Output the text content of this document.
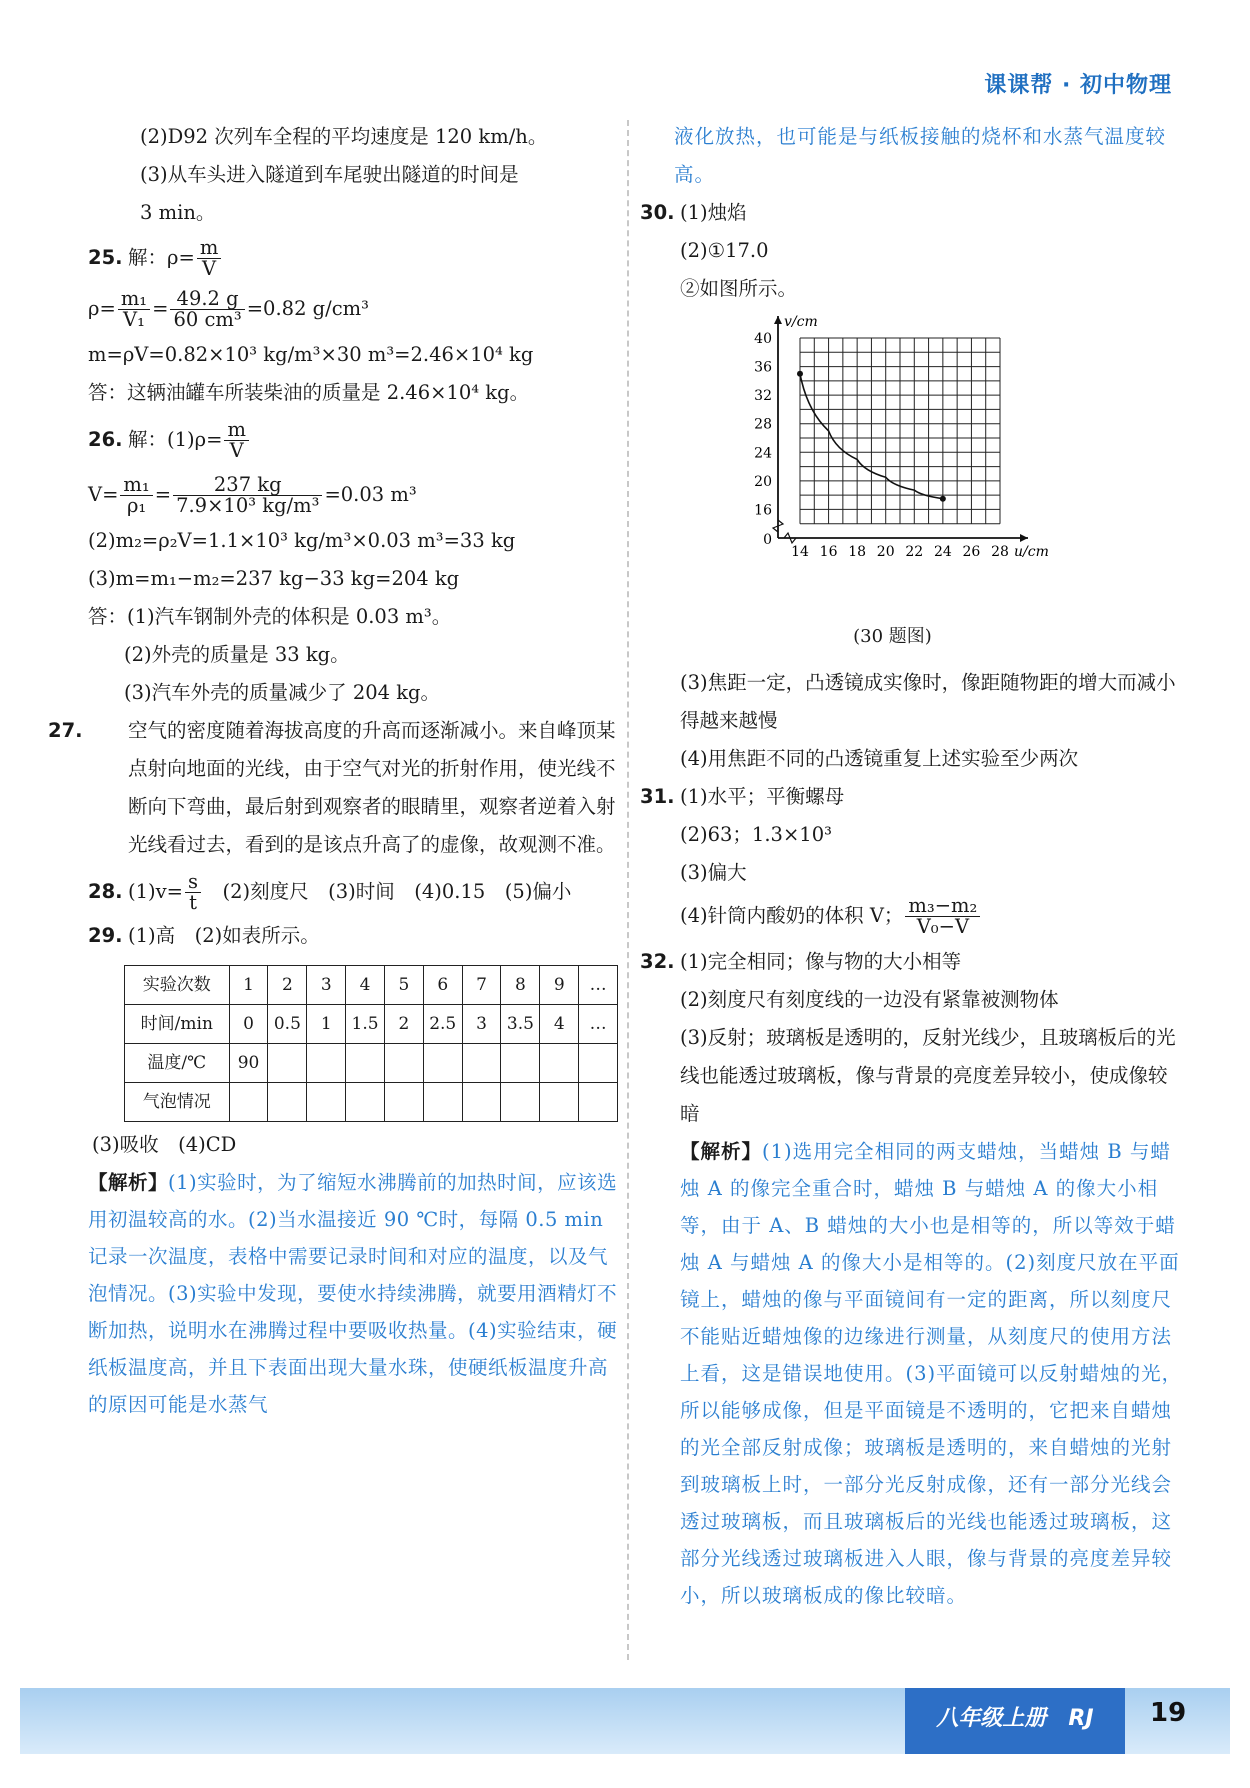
课课帮 · 初中物理
(2)D92 次列车全程的平均速度是 120 km/h。
(3)从车头进入隧道到车尾驶出隧道的时间是
3 min。
25. 解：$\rho= \frac{m}{V}$
$\rho= \frac{\text{m₁}}{\text{V₁}} = \frac{49.2 g}{\text{60 cm³}} =0.82$ g/cm³
m=ρV=0.82×10³ kg/m³×30 m³=2.46×10⁴ kg
答：这辆油罐车所装柴油的质量是 2.46×10⁴ kg。
26. 解：$(1)\rho= \frac{m}{V}$
$V= \frac{\text{m₁}}{\text{ρ₁}} = \frac{237 kg}{\text{7.9×10³ kg/m³}} =0.03$ m³
(2)m₂=ρ₂V=1.1×10³ kg/m³×0.03 m³=33 kg
(3)m=m₁−m₂=237 kg−33 kg=204 kg
答：(1)汽车钢制外壳的体积是 0.03 m³。
(2)外壳的质量是 33 kg。
(3)汽车外壳的质量减少了 204 kg。
27. 空气的密度随着海拔高度的升高而逐渐减小。来自峰顶某点射向地面的光线，由于空气对光的折射作用，使光线不断向下弯曲，最后射到观察者的眼睛里，观察者逆着入射光线看过去，看到的是该点升高了的虚像，故观测不准。
28. $(1)v= \frac{s}{t}$
　 (2)刻度尺　(3)时间　(4)0.15　(5)偏小
29. (1)高　(2)如表所示。
实验次数	1	2	3	4	5	6	7	8	9	…
时间/min	0	0.5	1	1.5	2	2.5	3	3.5	4	…
温度/℃	90									
气泡情况										
(3)吸收　(4)CD
【解析】(1)实验时，为了缩短水沸腾前的加热时间，应该选用初温较高的水。(2)当水温接近 90 ℃时，每隔 0.5 min 记录一次温度，表格中需要记录时间和对应的温度，以及气泡情况。(3)实验中发现，要使水持续沸腾，就要用酒精灯不断加热，说明水在沸腾过程中要吸收热量。(4)实验结束，硬纸板温度高，并且下表面出现大量水珠，使硬纸板温度升高的原因可能是水蒸气
液化放热，也可能是与纸板接触的烧杯和水蒸气温度较高。
30. (1)烛焰
(2)①17.0
②如图所示。
14 16 18 20 22 24 26 28
16
20
24
28
32
36
40
0
v/cm
u/cm
(30 题图)
(3)焦距一定，凸透镜成实像时，像距随物距的增大而减小得越来越慢
(4)用焦距不同的凸透镜重复上述实验至少两次
31. (1)水平；平衡螺母
(2)63；1.3×10³
(3)偏大
(4)针筒内酸奶的体积 V； $\frac{\text{m₃−m₂}}{\text{V₀−V}}$
32. (1)完全相同；像与物的大小相等
(2)刻度尺有刻度线的一边没有紧靠被测物体
(3)反射；玻璃板是透明的，反射光线少，且玻璃板后的光线也能透过玻璃板，像与背景的亮度差异较小，使成像较暗
【解析】(1)选用完全相同的两支蜡烛，当蜡烛 B 与蜡烛 A 的像完全重合时，蜡烛 B 与蜡烛 A 的像大小相等，由于 A、B 蜡烛的大小也是相等的，所以等效于蜡烛 A 与蜡烛 A 的像大小是相等的。(2)刻度尺放在平面镜上，蜡烛的像与平面镜间有一定的距离，所以刻度尺不能贴近蜡烛像的边缘进行测量，从刻度尺的使用方法上看，这是错误地使用。(3)平面镜可以反射蜡烛的光，所以能够成像，但是平面镜是不透明的，它把来自蜡烛的光全部反射成像；玻璃板是透明的，来自蜡烛的光射到玻璃板上时，一部分光反射成像，还有一部分光线会透过玻璃板，而且玻璃板后的光线也能透过玻璃板，这部分光线透过玻璃板进入人眼，像与背景的亮度差异较小，所以玻璃板成的像比较暗。
八年级上册　RJ	19
